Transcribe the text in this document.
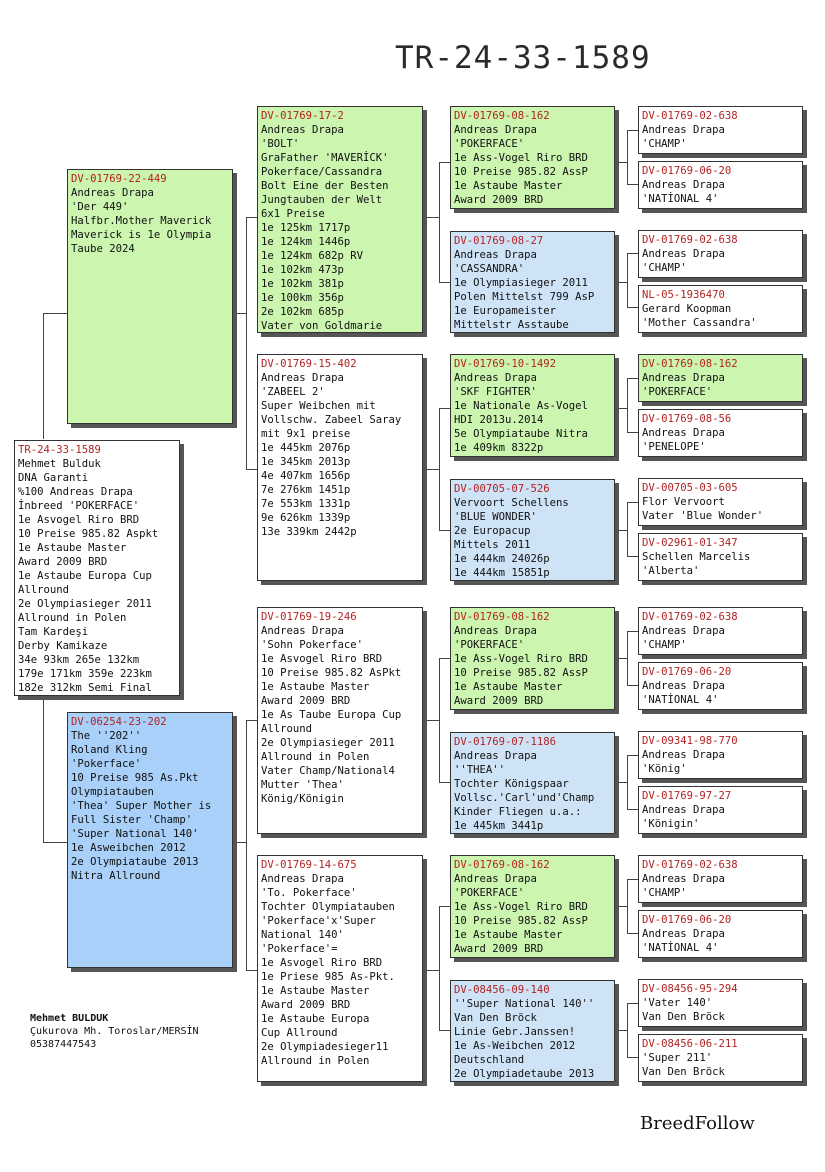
TR-24-33-1589
TR-24-33-1589
Mehmet Bulduk
DNA Garanti
%100 Andreas Drapa
İnbreed 'POKERFACE'
1e Asvogel Riro BRD
10 Preise 985.82 Aspkt
1e Astaube Master
Award 2009 BRD
1e Astaube Europa Cup
Allround
2e Olympiasieger 2011
Allround in Polen
Tam Kardeşi
Derby Kamikaze
34e 93km 265e 132km
179e 171km 359e 223km
182e 312km Semi Final
DV-01769-22-449
Andreas Drapa
'Der 449'
Halfbr.Mother Maverick
Maverick is 1e Olympia
Taube 2024
DV-06254-23-202
The ''202''
Roland Kling
'Pokerface'
10 Preise 985 As.Pkt
Olympiatauben
'Thea' Super Mother is
Full Sister 'Champ'
'Super National 140'
1e Asweibchen 2012
2e Olympiataube 2013
Nitra Allround
DV-01769-17-2
Andreas Drapa
'BOLT'
GraFather 'MAVERİCK'
Pokerface/Cassandra
Bolt Eine der Besten
Jungtauben der Welt
6x1 Preise
1e 125km 1717p
1e 124km 1446p
1e 124km 682p RV
1e 102km 473p
1e 102km 381p
1e 100km 356p
2e 102km 685p
Vater von Goldmarie
DV-01769-15-402
Andreas Drapa
'ZABEEL 2'
Super Weibchen mit
Vollschw. Zabeel Saray
mit 9x1 preise
1e 445km 2076p
1e 345km 2013p
4e 407km 1656p
7e 276km 1451p
7e 553km 1331p
9e 626km 1339p
13e 339km 2442p
DV-01769-19-246
Andreas Drapa
'Sohn Pokerface'
1e Asvogel Riro BRD
10 Preise 985.82 AsPkt
1e Astaube Master
Award 2009 BRD
1e As Taube Europa Cup
Allround
2e Olympiasieger 2011
Allround in Polen
Vater Champ/National4
Mutter 'Thea'
König/Königin
DV-01769-14-675
Andreas Drapa
'To. Pokerface'
Tochter Olympiatauben
'Pokerface'x'Super
National 140'
'Pokerface'=
1e Asvogel Riro BRD
1e Priese 985 As-Pkt.
1e Astaube Master
Award 2009 BRD
1e Astaube Europa
Cup Allround
2e Olympiadesieger11
Allround in Polen
DV-01769-08-162
Andreas Drapa
'POKERFACE'
1e Ass-Vogel Riro BRD
10 Preise 985.82 AssP
1e Astaube Master
Award 2009 BRD
DV-01769-08-27
Andreas Drapa
'CASSANDRA'
1e Olympiasieger 2011
Polen Mittelst 799 AsP
1e Europameister
Mittelstr Asstaube
DV-01769-10-1492
Andreas Drapa
'SKF FIGHTER'
1e Nationale As-Vogel
HDI 2013u.2014
5e Olympiataube Nitra
1e 409km 8322p
DV-00705-07-526
Vervoort Schellens
'BLUE WONDER'
2e Europacup
Mittels 2011
1e 444km 24026p
1e 444km 15851p
DV-01769-08-162
Andreas Drapa
'POKERFACE'
1e Ass-Vogel Riro BRD
10 Preise 985.82 AssP
1e Astaube Master
Award 2009 BRD
DV-01769-07-1186
Andreas Drapa
''THEA''
Tochter Königspaar
Vollsc.'Carl'und'Champ
Kinder Fliegen u.a.:
1e 445km 3441p
DV-01769-08-162
Andreas Drapa
'POKERFACE'
1e Ass-Vogel Riro BRD
10 Preise 985.82 AssP
1e Astaube Master
Award 2009 BRD
DV-08456-09-140
''Super National 140''
Van Den Bröck
Linie Gebr.Janssen!
1e As-Weibchen 2012
Deutschland
2e Olympiadetaube 2013
DV-01769-02-638
Andreas Drapa
'CHAMP'
DV-01769-06-20
Andreas Drapa
'NATİONAL 4'
DV-01769-02-638
Andreas Drapa
'CHAMP'
NL-05-1936470
Gerard Koopman
'Mother Cassandra'
DV-01769-08-162
Andreas Drapa
'POKERFACE'
DV-01769-08-56
Andreas Drapa
'PENELOPE'
DV-00705-03-605
Flor Vervoort
Vater 'Blue Wonder'
DV-02961-01-347
Schellen Marcelis
'Alberta'
DV-01769-02-638
Andreas Drapa
'CHAMP'
DV-01769-06-20
Andreas Drapa
'NATİONAL 4'
DV-09341-98-770
Andreas Drapa
'König'
DV-01769-97-27
Andreas Drapa
'Königin'
DV-01769-02-638
Andreas Drapa
'CHAMP'
DV-01769-06-20
Andreas Drapa
'NATİONAL 4'
DV-08456-95-294
'Vater 140'
Van Den Bröck
DV-08456-06-211
'Super 211'
Van Den Bröck
Mehmet BULDUK
Çukurova Mh. Toroslar/MERSİN
05387447543
BreedFollow
